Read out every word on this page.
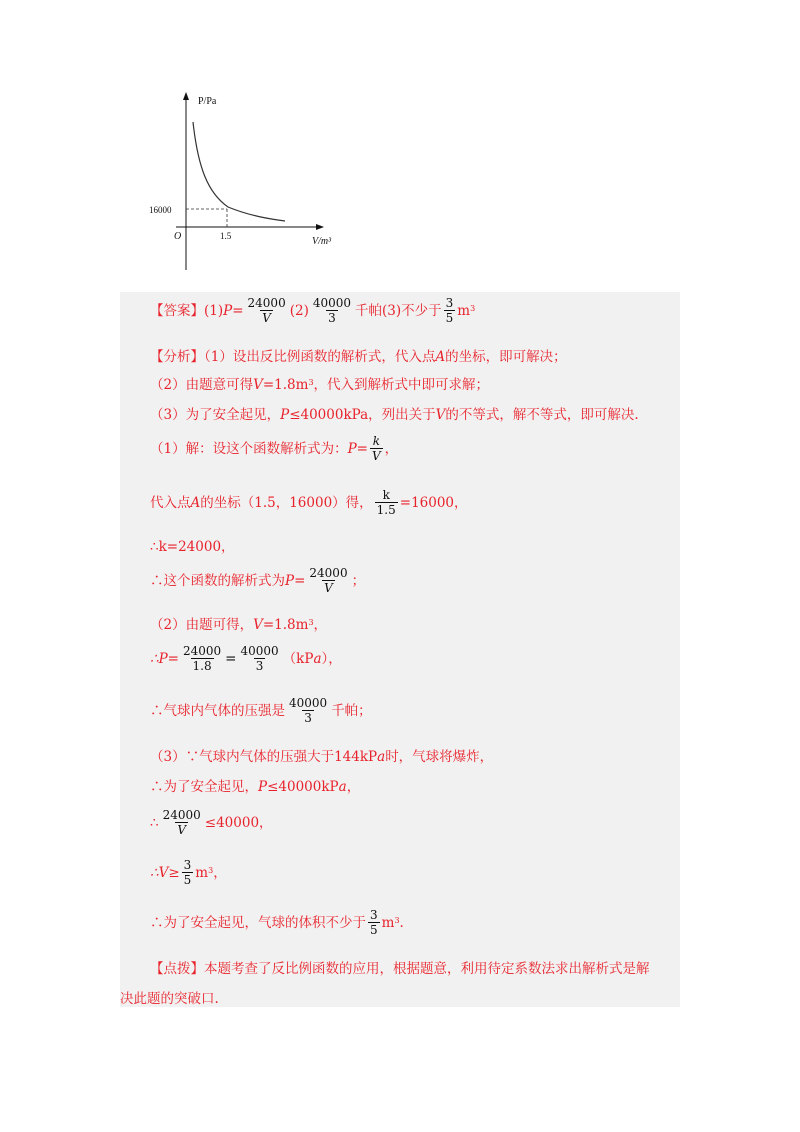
P/Pa
V/m³
O
16000
1.5
【答案】(1) $P= \frac{24000}{V} (2) \frac{40000}{3}$ 千帕(3)不少于 $\frac{3}{5} m^3$
【分析】（1）设出反比例函数的解析式，代入点 A 的坐标，即可解决；
（2）由题意可得 $V =1.8m^3$ ，代入到解析式中即可求解；
（3）为了安全起见， P ≤40000kPa，列出关于 V 的不等式，解不等式，即可解决.
（1）解：设这个函数解析式为： $P= \frac{k}{V}$ ，
代入点 A 的坐标（1.5，16000）得， $\frac{k}{1.5} =16000$，
∴k=24000，
∴这个函数的解析式为 $P= \frac{24000}{V}$ ；
（2）由题可得， $V =1.8m^3$ ，
∴P= $\frac{24000}{1.8} = \frac{40000}{3} (kP$ a ），
∴气球内气体的压强是 $\frac{40000}{3}$ 千帕；
（3）∵气球内气体的压强大于144kP a 时，气球将爆炸，
∴为了安全起见， P ≤40000kP a ，
∴ $\frac{24000}{V} \le 40000$，
∴V≥ $\frac{3}{5} m^3$ ，
∴为了安全起见，气球的体积不少于 $\frac{3}{5} m^3$ .
【点拨】本题考查了反比例函数的应用，根据题意，利用待定系数法求出解析式是解
决此题的突破口.
